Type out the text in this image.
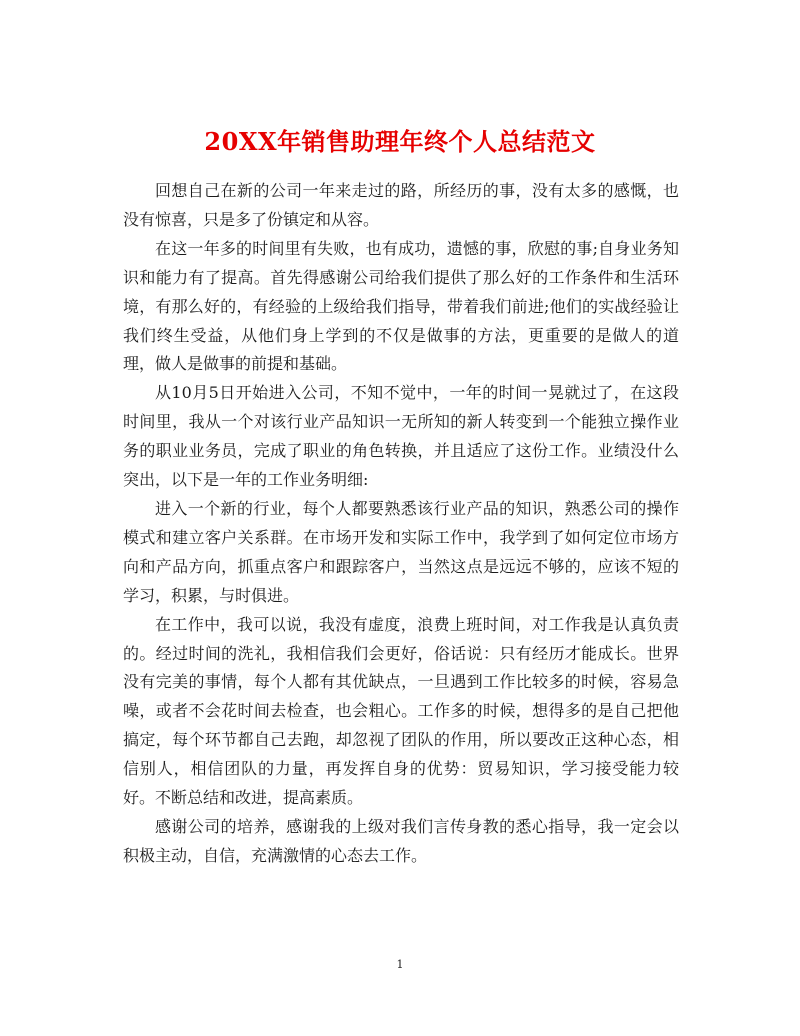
20XX年销售助理年终个人总结范文

回想自己在新的公司一年来走过的路，所经历的事，没有太多的感慨，也没有惊喜，只是多了份镇定和从容。

在这一年多的时间里有失败，也有成功，遗憾的事，欣慰的事;自身业务知识和能力有了提高。首先得感谢公司给我们提供了那么好的工作条件和生活环境，有那么好的，有经验的上级给我们指导，带着我们前进;他们的实战经验让我们终生受益，从他们身上学到的不仅是做事的方法，更重要的是做人的道理，做人是做事的前提和基础。

从10月5日开始进入公司，不知不觉中，一年的时间一晃就过了，在这段时间里，我从一个对该行业产品知识一无所知的新人转变到一个能独立操作业务的职业业务员，完成了职业的角色转换，并且适应了这份工作。业绩没什么突出，以下是一年的工作业务明细:

进入一个新的行业，每个人都要熟悉该行业产品的知识，熟悉公司的操作模式和建立客户关系群。在市场开发和实际工作中，我学到了如何定位市场方向和产品方向，抓重点客户和跟踪客户，当然这点是远远不够的，应该不短的学习，积累，与时俱进。

在工作中，我可以说，我没有虚度，浪费上班时间，对工作我是认真负责的。经过时间的洗礼，我相信我们会更好，俗话说：只有经历才能成长。世界没有完美的事情，每个人都有其优缺点，一旦遇到工作比较多的时候，容易急噪，或者不会花时间去检查，也会粗心。工作多的时候，想得多的是自己把他搞定，每个环节都自己去跑，却忽视了团队的作用，所以要改正这种心态，相信别人，相信团队的力量，再发挥自身的优势：贸易知识，学习接受能力较好。不断总结和改进，提高素质。

感谢公司的培养，感谢我的上级对我们言传身教的悉心指导，我一定会以积极主动，自信，充满激情的心态去工作。

1
